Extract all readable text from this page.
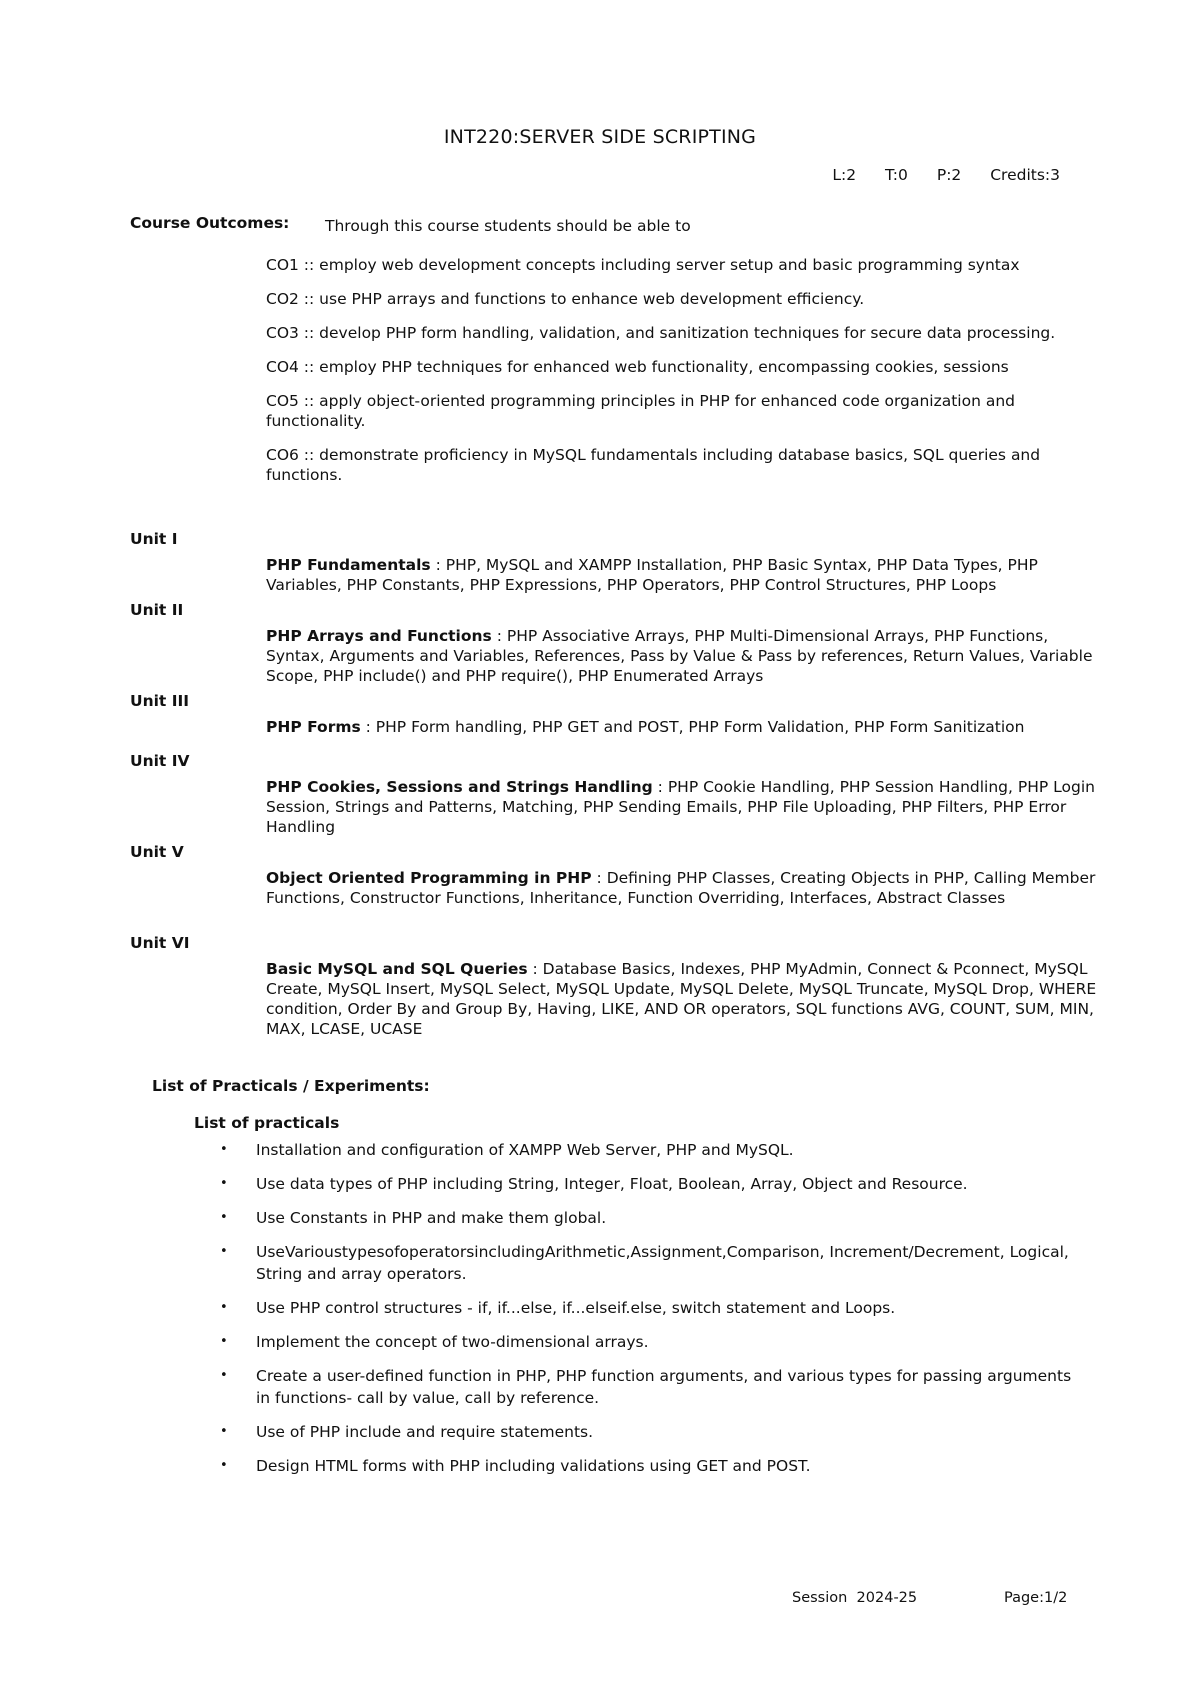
INT220:SERVER SIDE SCRIPTING
L:2 T:0 P:2 Credits:3
Course Outcomes: Through this course students should be able to
CO1 :: employ web development concepts including server setup and basic programming syntax
CO2 :: use PHP arrays and functions to enhance web development efficiency.
CO3 :: develop PHP form handling, validation, and sanitization techniques for secure data processing.
CO4 :: employ PHP techniques for enhanced web functionality, encompassing cookies, sessions
CO5 :: apply object-oriented programming principles in PHP for enhanced code organization and functionality.
CO6 :: demonstrate proficiency in MySQL fundamentals including database basics, SQL queries and functions.
Unit I
PHP Fundamentals : PHP, MySQL and XAMPP Installation, PHP Basic Syntax, PHP Data Types, PHP Variables, PHP Constants, PHP Expressions, PHP Operators, PHP Control Structures, PHP Loops
Unit II
PHP Arrays and Functions : PHP Associative Arrays, PHP Multi-Dimensional Arrays, PHP Functions, Syntax, Arguments and Variables, References, Pass by Value & Pass by references, Return Values, Variable Scope, PHP include() and PHP require(), PHP Enumerated Arrays
Unit III
PHP Forms : PHP Form handling, PHP GET and POST, PHP Form Validation, PHP Form Sanitization
Unit IV
PHP Cookies, Sessions and Strings Handling : PHP Cookie Handling, PHP Session Handling, PHP Login Session, Strings and Patterns, Matching, PHP Sending Emails, PHP File Uploading, PHP Filters, PHP Error Handling
Unit V
Object Oriented Programming in PHP : Defining PHP Classes, Creating Objects in PHP, Calling Member Functions, Constructor Functions, Inheritance, Function Overriding, Interfaces, Abstract Classes
Unit VI
Basic MySQL and SQL Queries : Database Basics, Indexes, PHP MyAdmin, Connect & Pconnect, MySQL Create, MySQL Insert, MySQL Select, MySQL Update, MySQL Delete, MySQL Truncate, MySQL Drop, WHERE condition, Order By and Group By, Having, LIKE, AND OR operators, SQL functions AVG, COUNT, SUM, MIN, MAX, LCASE, UCASE
List of Practicals / Experiments:
List of practicals
• Installation and configuration of XAMPP Web Server, PHP and MySQL.
• Use data types of PHP including String, Integer, Float, Boolean, Array, Object and Resource.
• Use Constants in PHP and make them global.
• UseVarioustypesofoperatorsincludingArithmetic,Assignment,Comparison, Increment/Decrement, Logical, String and array operators.
• Use PHP control structures - if, if...else, if...elseif.else, switch statement and Loops.
• Implement the concept of two-dimensional arrays.
• Create a user-defined function in PHP, PHP function arguments, and various types for passing arguments in functions- call by value, call by reference.
• Use of PHP include and require statements.
• Design HTML forms with PHP including validations using GET and POST.
Session  2024-25	Page:1/2
